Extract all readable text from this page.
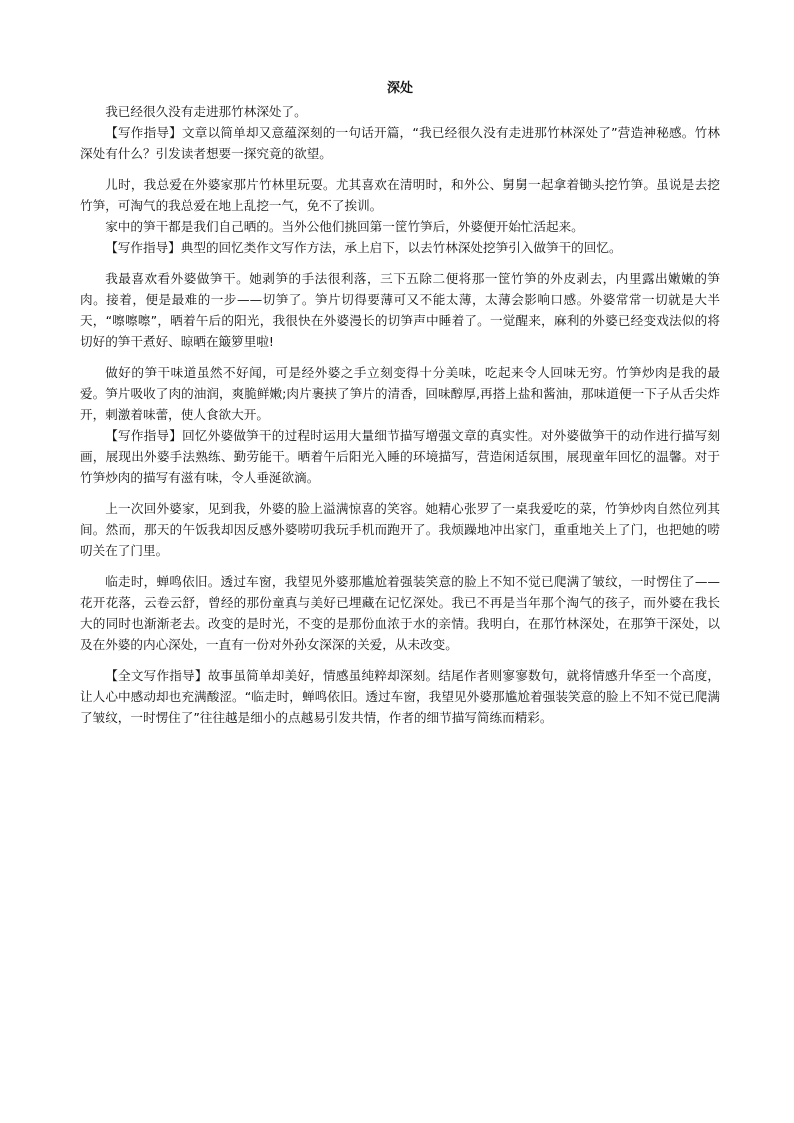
深处

我已经很久没有走进那竹林深处了。

【写作指导】文章以简单却又意蕴深刻的一句话开篇，“我已经很久没有走进那竹林深处了”营造神秘感。竹林深处有什么？引发读者想要一探究竟的欲望。

儿时，我总爱在外婆家那片竹林里玩耍。尤其喜欢在清明时，和外公、舅舅一起拿着锄头挖竹笋。虽说是去挖竹笋，可淘气的我总爱在地上乱挖一气，免不了挨训。

家中的笋干都是我们自己晒的。当外公他们挑回第一筐竹笋后，外婆便开始忙活起来。

【写作指导】典型的回忆类作文写作方法，承上启下，以去竹林深处挖笋引入做笋干的回忆。

我最喜欢看外婆做笋干。她剥笋的手法很利落，三下五除二便将那一筐竹笋的外皮剥去，内里露出嫩嫩的笋肉。接着，便是最难的一步——切笋了。笋片切得要薄可又不能太薄，太薄会影响口感。外婆常常一切就是大半天，“嚓嚓嚓”，晒着午后的阳光，我很快在外婆漫长的切笋声中睡着了。一觉醒来，麻利的外婆已经变戏法似的将切好的笋干煮好、晾晒在簸箩里啦!

做好的笋干味道虽然不好闻，可是经外婆之手立刻变得十分美味，吃起来令人回味无穷。竹笋炒肉是我的最爱。笋片吸收了肉的油润，爽脆鲜嫩;肉片裹挟了笋片的清香，回味醇厚,再搭上盐和酱油，那味道便一下子从舌尖炸开，刺激着味蕾，使人食欲大开。

【写作指导】回忆外婆做笋干的过程时运用大量细节描写增强文章的真实性。对外婆做笋干的动作进行描写刻画，展现出外婆手法熟练、勤劳能干。晒着午后阳光入睡的环境描写，营造闲适氛围，展现童年回忆的温馨。对于竹笋炒肉的描写有滋有味，令人垂涎欲滴。

上一次回外婆家，见到我，外婆的脸上溢满惊喜的笑容。她精心张罗了一桌我爱吃的菜，竹笋炒肉自然位列其间。然而，那天的午饭我却因反感外婆唠叨我玩手机而跑开了。我烦躁地冲出家门，重重地关上了门，也把她的唠叨关在了门里。

临走时，蝉鸣依旧。透过车窗，我望见外婆那尴尬着强装笑意的脸上不知不觉已爬满了皱纹，一时愣住了——花开花落，云卷云舒，曾经的那份童真与美好已埋藏在记忆深处。我已不再是当年那个淘气的孩子，而外婆在我长大的同时也渐渐老去。改变的是时光，不变的是那份血浓于水的亲情。我明白，在那竹林深处，在那笋干深处，以及在外婆的内心深处，一直有一份对外孙女深深的关爱，从未改变。

【全文写作指导】故事虽简单却美好，情感虽纯粹却深刻。结尾作者则寥寥数句，就将情感升华至一个高度，让人心中感动却也充满酸涩。“临走时，蝉鸣依旧。透过车窗，我望见外婆那尴尬着强装笑意的脸上不知不觉已爬满了皱纹，一时愣住了”往往越是细小的点越易引发共情，作者的细节描写简练而精彩。
